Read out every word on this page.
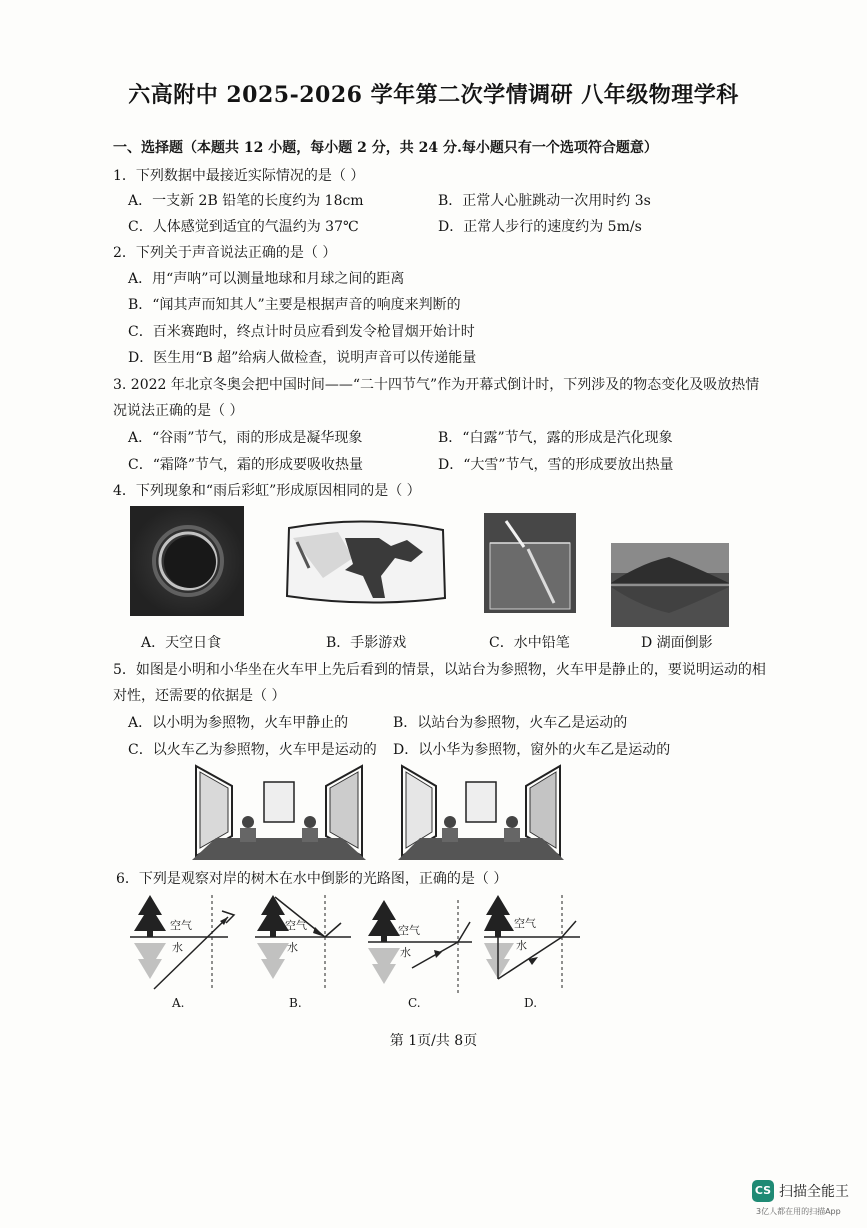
六高附中 2025-2026 学年第二次学情调研 八年级物理学科
一、选择题（本题共 12 小题，每小题 2 分，共 24 分.每小题只有一个选项符合题意）
1．下列数据中最接近实际情况的是（ ）
A．一支新 2B 铅笔的长度约为 18cm	B．正常人心脏跳动一次用时约 3s
C．人体感觉到适宜的气温约为 37℃	D．正常人步行的速度约为 5m/s
2．下列关于声音说法正确的是（ ）
A．用“声呐”可以测量地球和月球之间的距离
B．“闻其声而知其人”主要是根据声音的响度来判断的
C．百米赛跑时，终点计时员应看到发令枪冒烟开始计时
D．医生用“B 超”给病人做检查，说明声音可以传递能量
3. 2022 年北京冬奥会把中国时间——“二十四节气”作为开幕式倒计时，下列涉及的物态变化及吸放热情
况说法正确的是（ ）
A．“谷雨”节气，雨的形成是凝华现象	B．“白露”节气，露的形成是汽化现象
C．“霜降”节气，霜的形成要吸收热量	D．“大雪”节气，雪的形成要放出热量
4．下列现象和“雨后彩虹”形成原因相同的是（ ）
A．天空日食	B．手影游戏	C．水中铅笔	D 湖面倒影
5．如图是小明和小华坐在火车甲上先后看到的情景，以站台为参照物，火车甲是静止的，要说明运动的相
对性，还需要的依据是（ ）
A．以小明为参照物，火车甲静止的	B．以站台为参照物，火车乙是运动的
C．以火车乙为参照物，火车甲是运动的 D．以小华为参照物，窗外的火车乙是运动的
6．下列是观察对岸的树木在水中倒影的光路图，正确的是（ ）
空气
水
空气
水
空气
水
空气
水
A.	B.	C.	D.
第 1页/共 8页
CS 扫描全能王
3亿人都在用的扫描App
